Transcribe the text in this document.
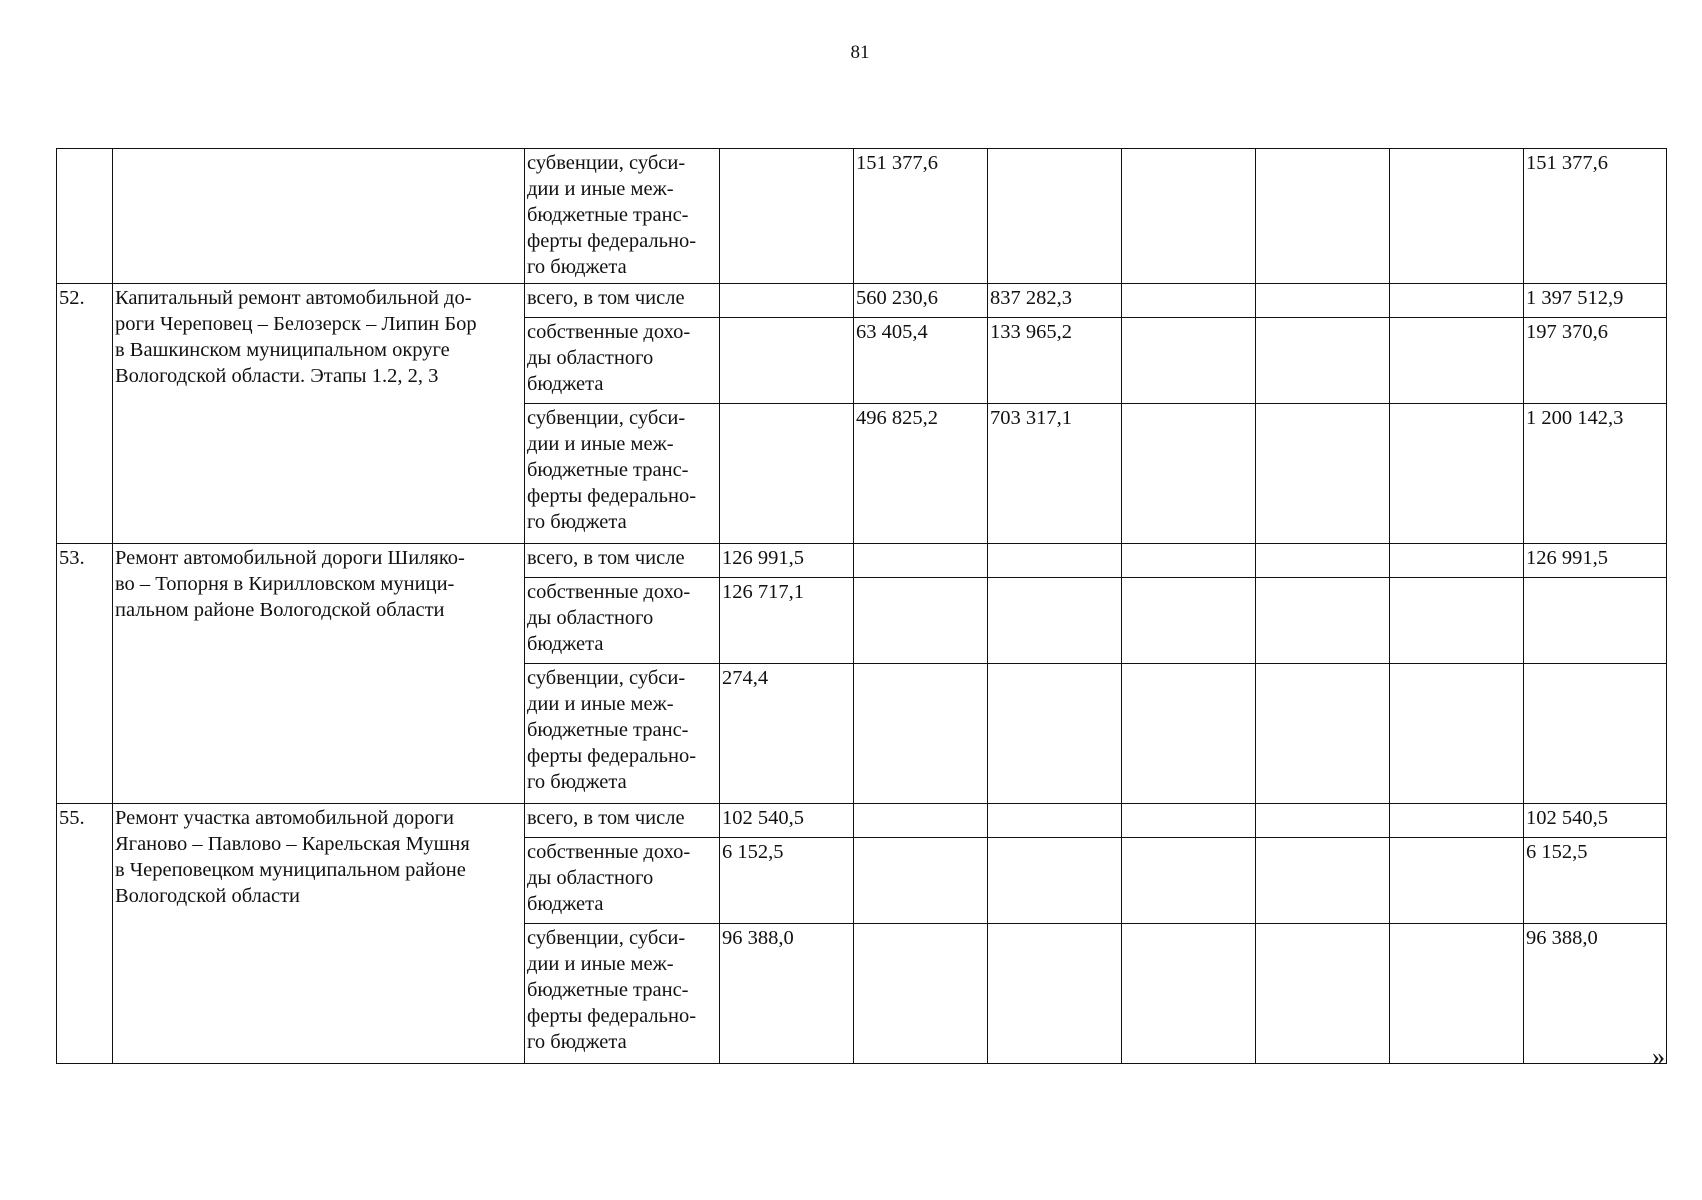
81

		субвенции, субси-
дии и иные меж-
бюджетные транс-
ферты федерально-
го бюджета		151 377,6					151 377,6
52.	Капитальный ремонт автомобильной до-
роги Череповец – Белозерск – Липин Бор
в Вашкинском муниципальном округе
Вологодской области. Этапы 1.2, 2, 3	всего, в том числе		560 230,6	837 282,3				1 397 512,9

		собственные дохо-
ды областного
бюджета		63 405,4	133 965,2				197 370,6

		субвенции, субси-
дии и иные меж-
бюджетные транс-
ферты федерально-
го бюджета		496 825,2	703 317,1				1 200 142,3
53.	Ремонт автомобильной дороги Шиляко-
во – Топорня в Кирилловском муници-
пальном районе Вологодской области	всего, в том числе	126 991,5						126 991,5

		собственные дохо-
ды областного
бюджета	126 717,1						

		субвенции, субси-
дии и иные меж-
бюджетные транс-
ферты федерально-
го бюджета	274,4						
55.	Ремонт участка автомобильной дороги
Яганово – Павлово – Карельская Мушня
в Череповецком муниципальном районе
Вологодской области	всего, в том числе	102 540,5						102 540,5

		собственные дохо-
ды областного
бюджета	6 152,5						6 152,5

		субвенции, субси-
дии и иные меж-
бюджетные транс-
ферты федерально-
го бюджета	96 388,0						96 388,0
»
